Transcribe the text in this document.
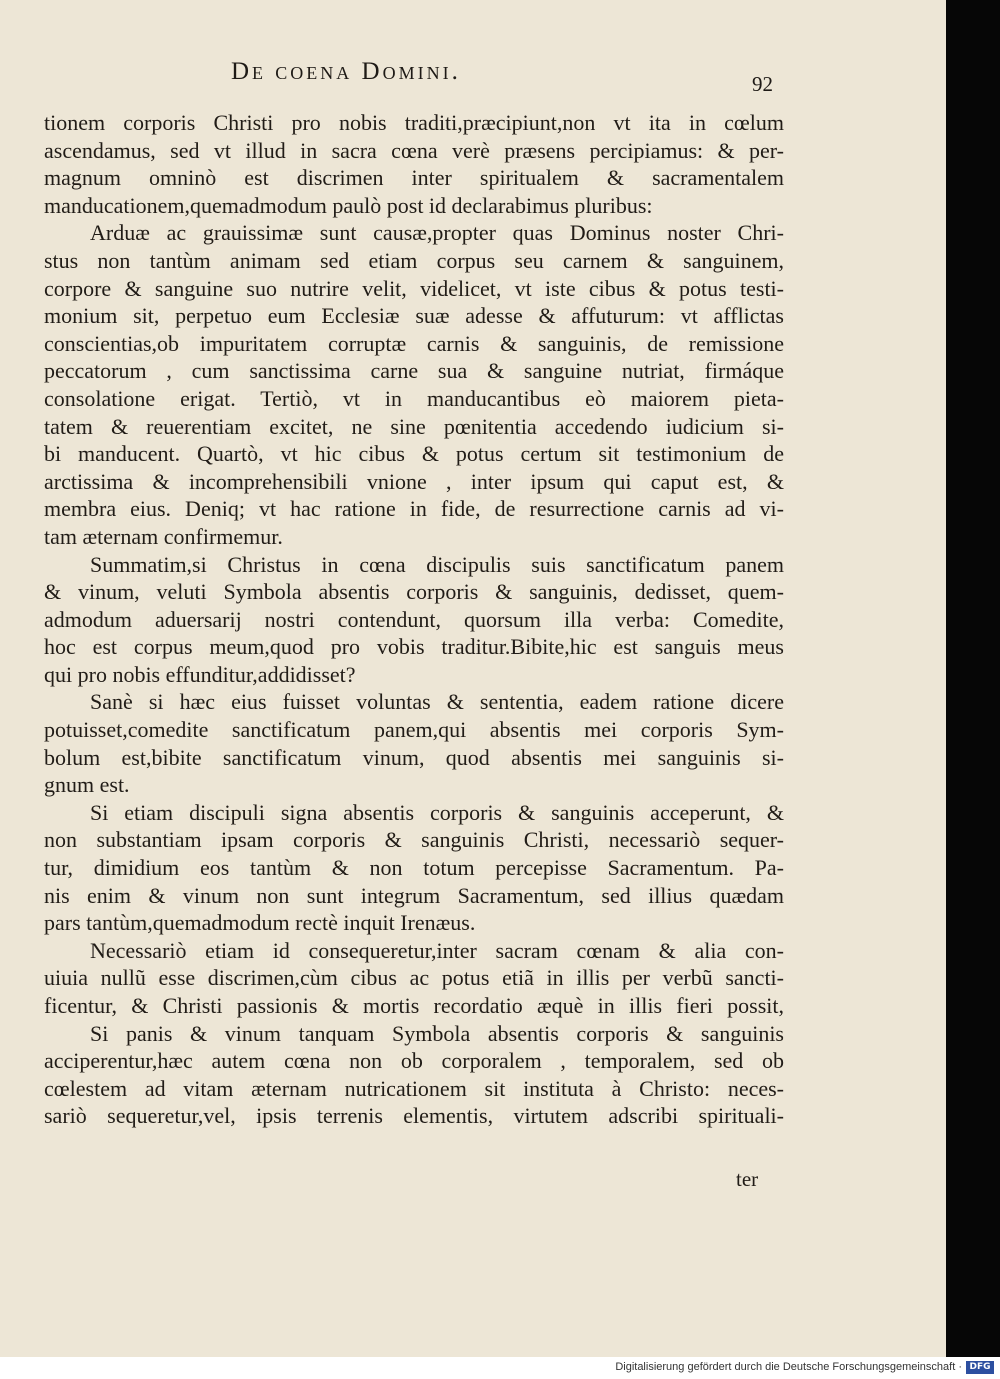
De coena Domini.	92
tionem corporis Christi pro nobis traditi,præcipiunt,non vt ita in cœlum
ascendamus, sed vt illud in sacra cœna verè præsens percipiamus: & per-
magnum omninò est discrimen inter spiritualem & sacramentalem
manducationem,quemadmodum paulò post id declarabimus pluribus:
Arduæ ac grauissimæ sunt causæ,propter quas Dominus noster Chri-
stus non tantùm animam sed etiam corpus seu carnem & sanguinem,
corpore & sanguine suo nutrire velit, videlicet, vt iste cibus & potus testi-
monium sit, perpetuo eum Ecclesiæ suæ adesse & affuturum: vt afflictas
conscientias,ob impuritatem corruptæ carnis & sanguinis, de remissione
peccatorum , cum sanctissima carne sua & sanguine nutriat, firmáque
consolatione erigat. Tertiò, vt in manducantibus eò maiorem pieta-
tatem & reuerentiam excitet, ne sine pœnitentia accedendo iudicium si-
bi manducent. Quartò, vt hic cibus & potus certum sit testimonium de
arctissima & incomprehensibili vnione , inter ipsum qui caput est, &
membra eius. Deniq; vt hac ratione in fide, de resurrectione carnis ad vi-
tam æternam confirmemur.
Summatim,si Christus in cœna discipulis suis sanctificatum panem
& vinum, veluti Symbola absentis corporis & sanguinis, dedisset, quem-
admodum aduersarij nostri contendunt, quorsum illa verba: Comedite,
hoc est corpus meum,quod pro vobis traditur.Bibite,hic est sanguis meus
qui pro nobis effunditur,addidisset?
Sanè si hæc eius fuisset voluntas & sententia, eadem ratione dicere
potuisset,comedite sanctificatum panem,qui absentis mei corporis Sym-
bolum est,bibite sanctificatum vinum, quod absentis mei sanguinis si-
gnum est.
Si etiam discipuli signa absentis corporis & sanguinis acceperunt, &
non substantiam ipsam corporis & sanguinis Christi, necessariò sequer-
tur, dimidium eos tantùm & non totum percepisse Sacramentum. Pa-
nis enim & vinum non sunt integrum Sacramentum, sed illius quædam
pars tantùm,quemadmodum rectè inquit Irenæus.
Necessariò etiam id consequeretur,inter sacram cœnam & alia con-
uiuia nullũ esse discrimen,cùm cibus ac potus etiã in illis per verbũ sancti-
ficentur, & Christi passionis & mortis recordatio æquè in illis fieri possit,
Si panis & vinum tanquam Symbola absentis corporis & sanguinis
acciperentur,hæc autem cœna non ob corporalem , temporalem, sed ob
cœlestem ad vitam æternam nutricationem sit instituta à Christo: neces-
sariò sequeretur,vel, ipsis terrenis elementis, virtutem adscribi spirituali-
ter
Digitalisierung gefördert durch die Deutsche Forschungsgemeinschaft · DFG
